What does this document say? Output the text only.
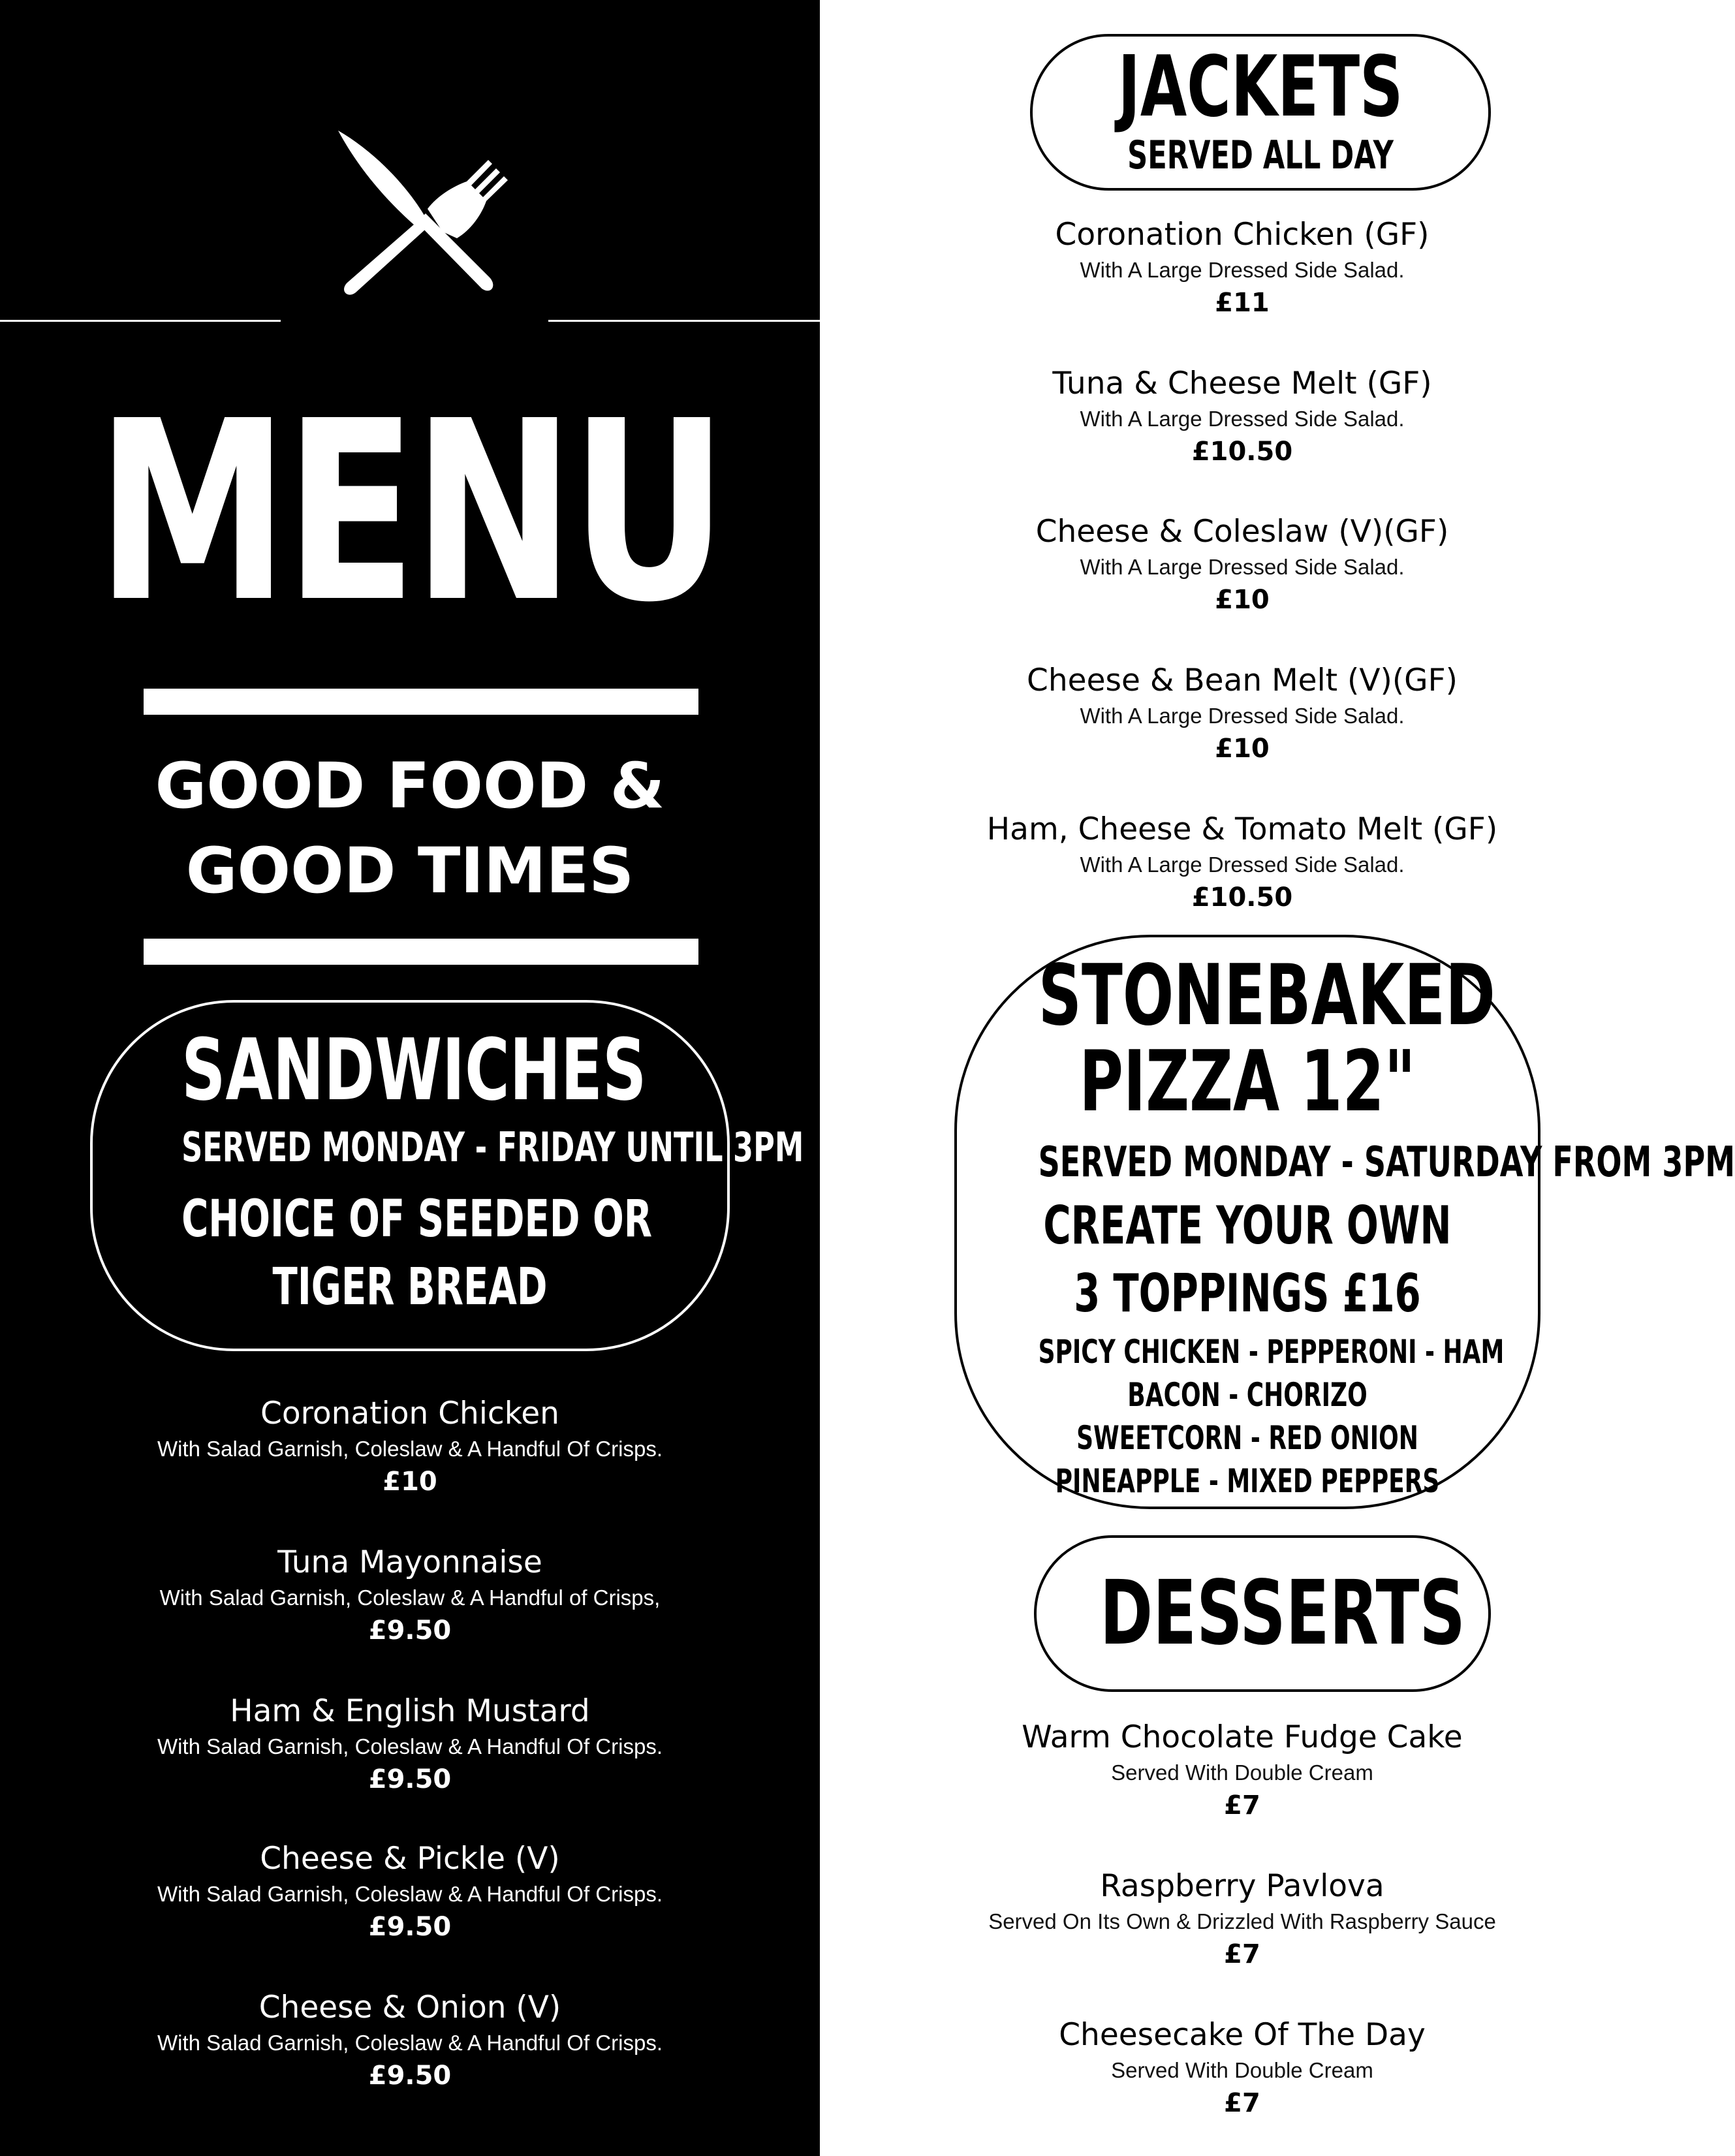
MENU
GOOD FOOD &
GOOD TIMES
SANDWICHES
SERVED MONDAY - FRIDAY UNTIL 3PM
CHOICE OF SEEDED OR
TIGER BREAD
Coronation Chicken
With Salad Garnish, Coleslaw & A Handful Of Crisps.
£10
Tuna Mayonnaise
With Salad Garnish, Coleslaw & A Handful of Crisps,
£9.50
Ham & English Mustard
With Salad Garnish, Coleslaw & A Handful Of Crisps.
£9.50
Cheese & Pickle (V)
With Salad Garnish, Coleslaw & A Handful Of Crisps.
£9.50
Cheese & Onion (V)
With Salad Garnish, Coleslaw & A Handful Of Crisps.
£9.50
JACKETS
SERVED ALL DAY
Coronation Chicken (GF)
With A Large Dressed Side Salad.
£11
Tuna & Cheese Melt (GF)
With A Large Dressed Side Salad.
£10.50
Cheese & Coleslaw (V)(GF)
With A Large Dressed Side Salad.
£10
Cheese & Bean Melt (V)(GF)
With A Large Dressed Side Salad.
£10
Ham, Cheese & Tomato Melt (GF)
With A Large Dressed Side Salad.
£10.50
STONEBAKED
PIZZA 12"
SERVED MONDAY - SATURDAY FROM 3PM
CREATE YOUR OWN
3 TOPPINGS £16
SPICY CHICKEN - PEPPERONI - HAM
BACON - CHORIZO
SWEETCORN - RED ONION
PINEAPPLE - MIXED PEPPERS
DESSERTS
Warm Chocolate Fudge Cake
Served With Double Cream
£7
Raspberry Pavlova
Served On Its Own & Drizzled With Raspberry Sauce
£7
Cheesecake Of The Day
Served With Double Cream
£7
